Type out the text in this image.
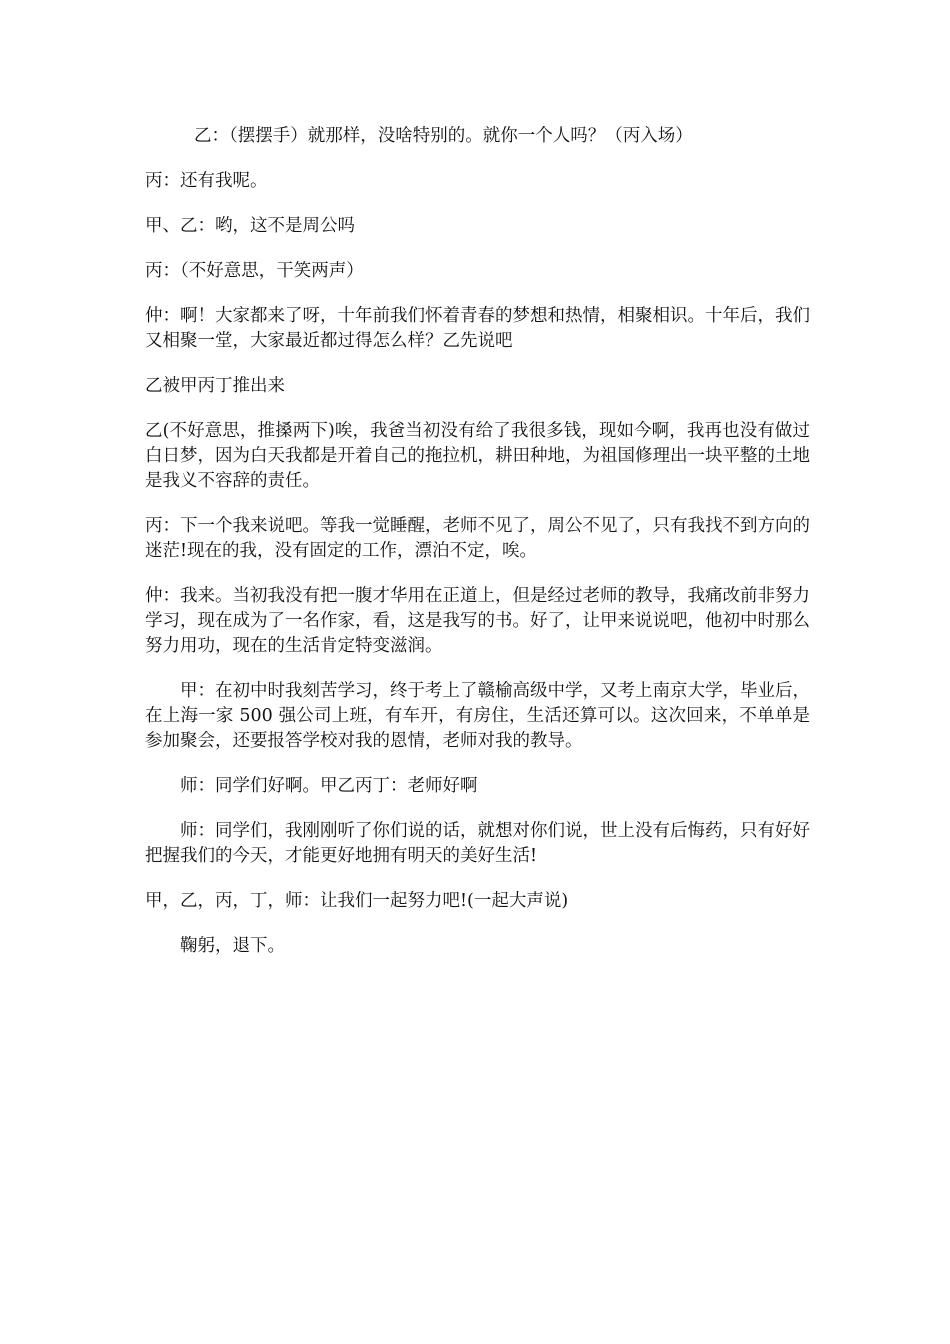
乙：（摆摆手）就那样，没啥特别的。就你一个人吗？（丙入场）

丙：还有我呢。

甲、乙：哟，这不是周公吗

丙：（不好意思，干笑两声）

仲：啊！大家都来了呀，十年前我们怀着青春的梦想和热情，相聚相识。十年后，我们又相聚一堂，大家最近都过得怎么样？乙先说吧

乙被甲丙丁推出来

乙(不好意思，推搡两下)唉，我爸当初没有给了我很多钱，现如今啊，我再也没有做过白日梦，因为白天我都是开着自己的拖拉机，耕田种地，为祖国修理出一块平整的土地是我义不容辞的责任。

丙：下一个我来说吧。等我一觉睡醒，老师不见了，周公不见了，只有我找不到方向的迷茫!现在的我，没有固定的工作，漂泊不定，唉。

仲：我来。当初我没有把一腹才华用在正道上，但是经过老师的教导，我痛改前非努力学习，现在成为了一名作家，看，这是我写的书。好了，让甲来说说吧，他初中时那么努力用功，现在的生活肯定特变滋润。

甲：在初中时我刻苦学习，终于考上了赣榆高级中学，又考上南京大学，毕业后，在上海一家 500 强公司上班，有车开，有房住，生活还算可以。这次回来，不单单是参加聚会，还要报答学校对我的恩情，老师对我的教导。

师：同学们好啊。甲乙丙丁：老师好啊

师：同学们，我刚刚听了你们说的话，就想对你们说，世上没有后悔药，只有好好把握我们的今天，才能更好地拥有明天的美好生活!

甲，乙，丙，丁，师：让我们一起努力吧!(一起大声说)

鞠躬，退下。
